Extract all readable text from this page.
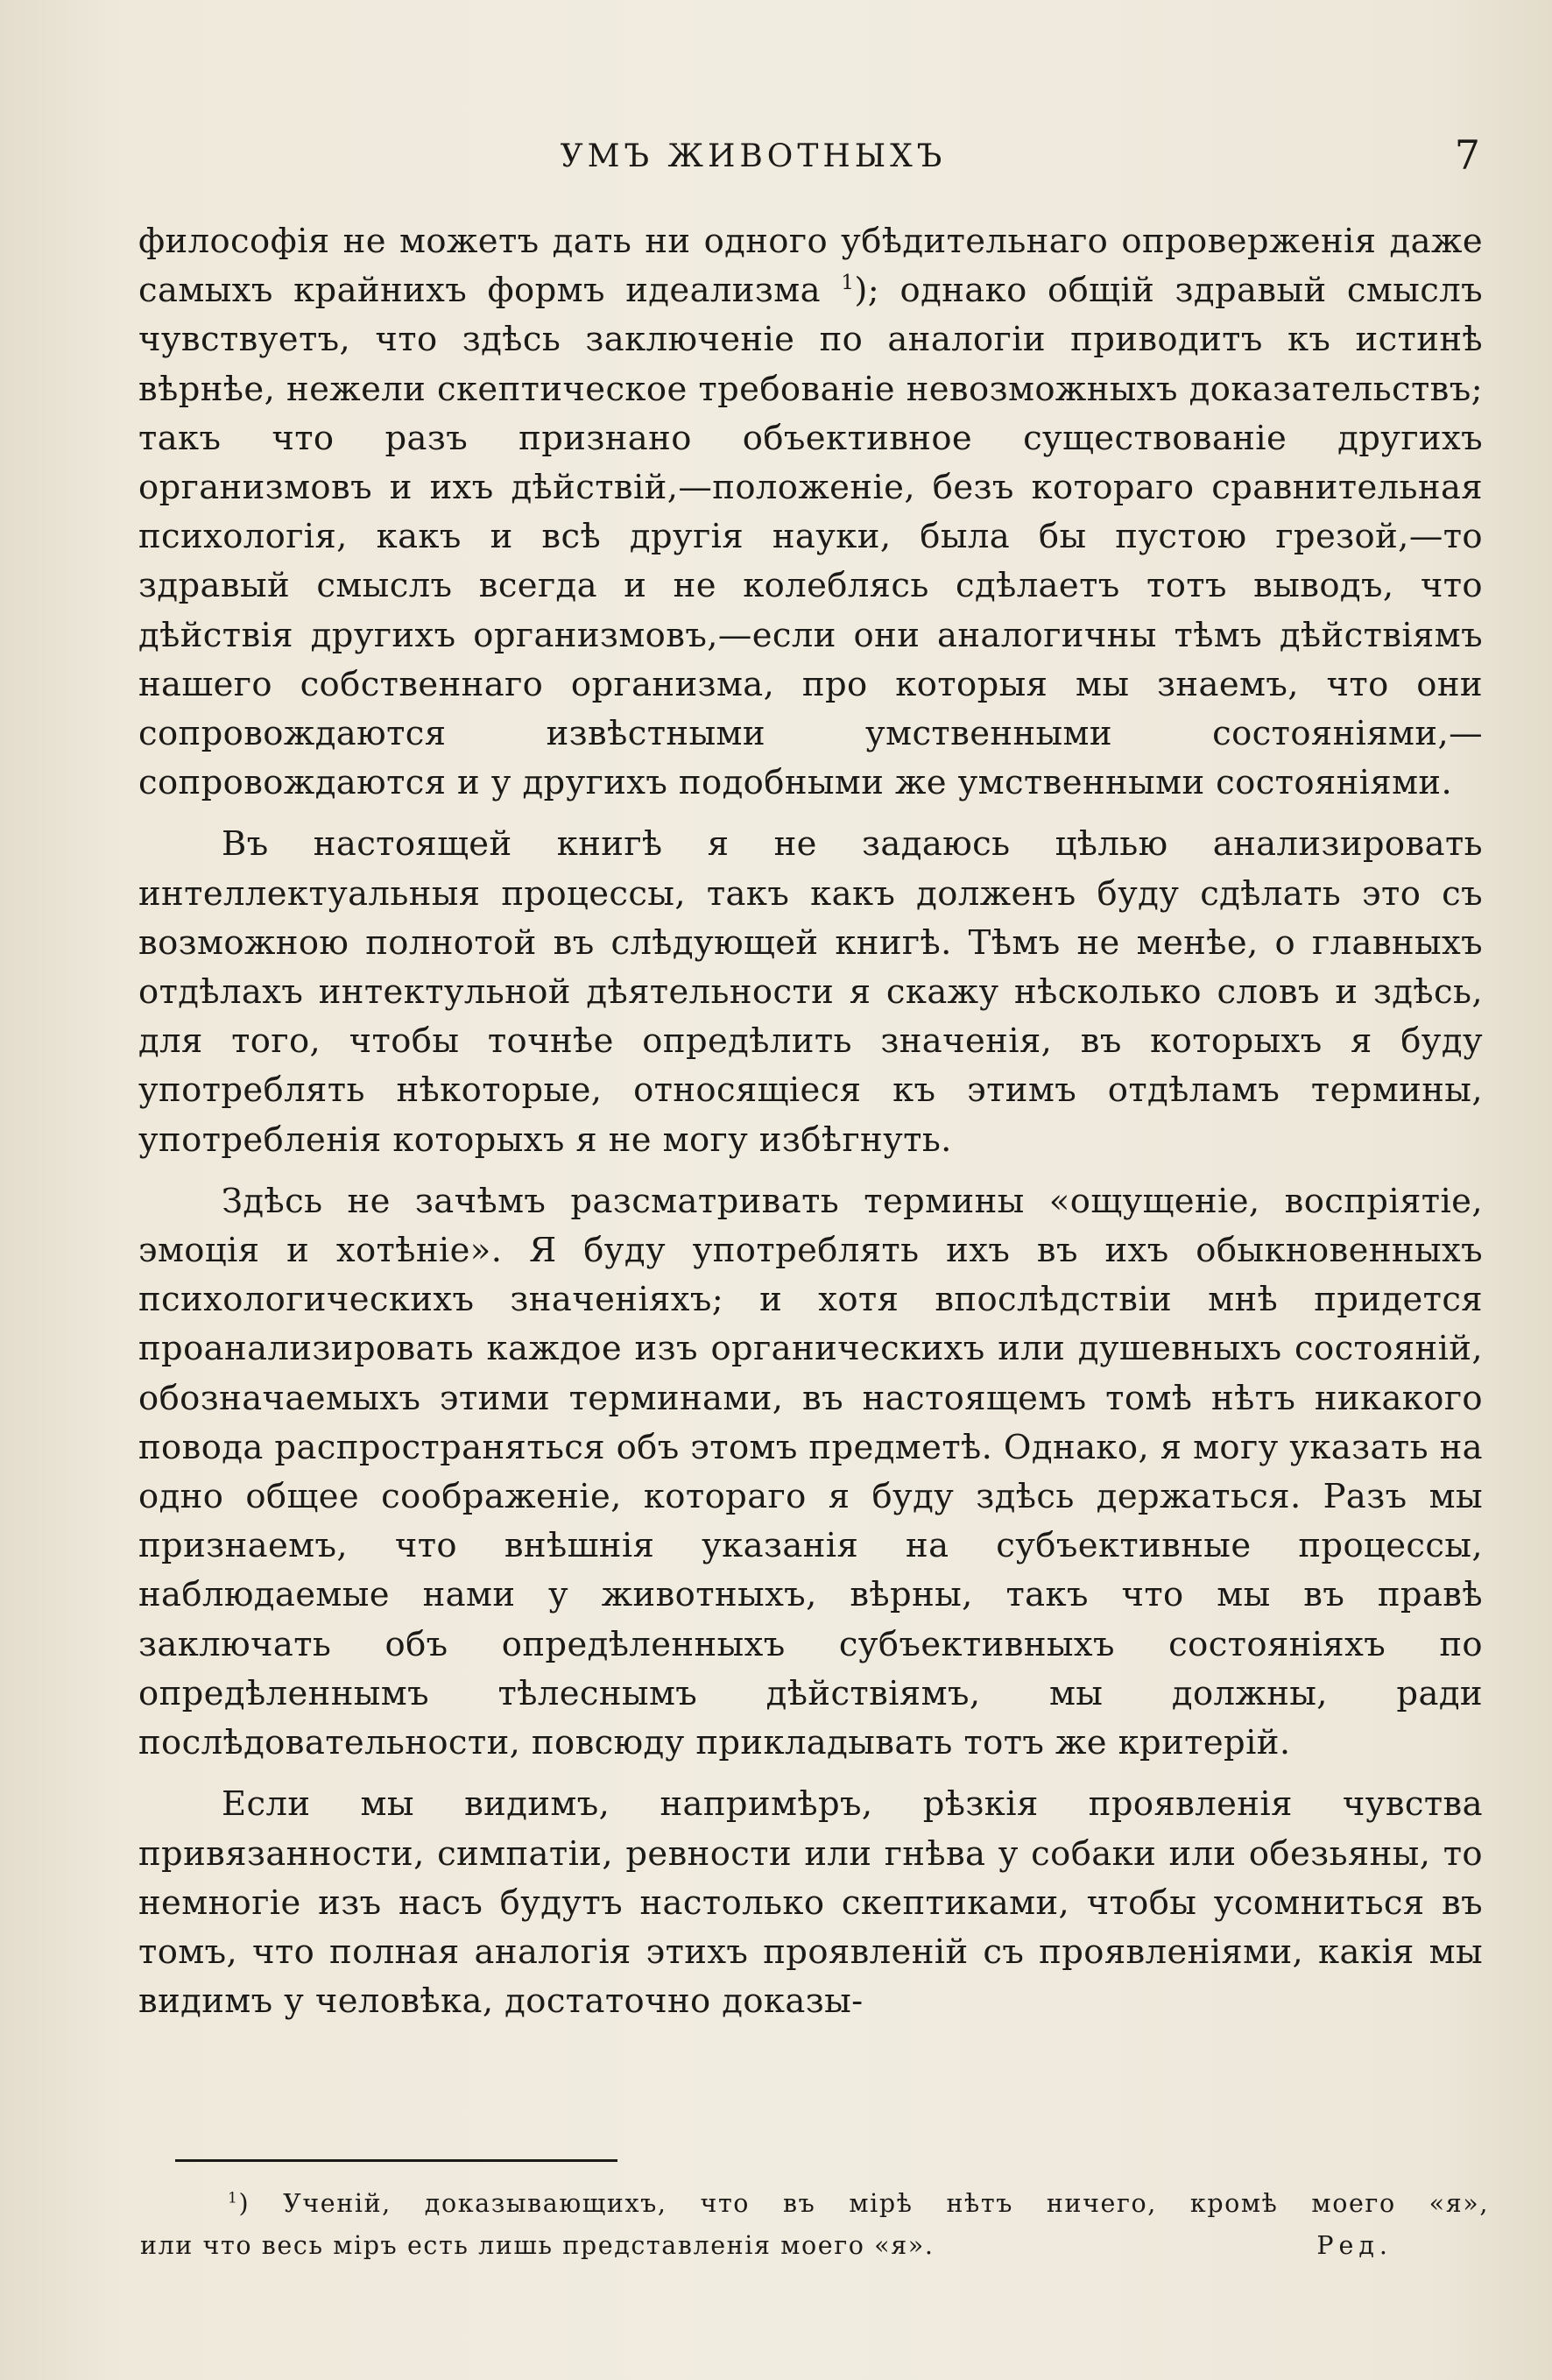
УМЪ ЖИВОТНЫХЪ	7

философія не можетъ дать ни одного убѣдительнаго опроверженія даже самыхъ крайнихъ формъ идеализма $^1$); однако общій здравый смыслъ чувствуетъ, что здѣсь заключеніе по аналогіи приводитъ къ истинѣ вѣрнѣе, нежели скептическое требованіе невозможныхъ доказательствъ; такъ что разъ признано объективное существованіе другихъ организмовъ и ихъ дѣйствій,—положеніе, безъ котораго сравнительная психологія, какъ и всѣ другія науки, была бы пустою грезой,—то здравый смыслъ всегда и не колеблясь сдѣлаетъ тотъ выводъ, что дѣйствія другихъ организмовъ,—если они аналогичны тѣмъ дѣйствіямъ нашего собственнаго организма, про которыя мы знаемъ, что они сопровождаются извѣстными умственными состояніями,—сопровождаются и у другихъ подобными же умственными состояніями.

Въ настоящей книгѣ я не задаюсь цѣлью анализировать интеллектуальныя процессы, такъ какъ долженъ буду сдѣлать это съ возможною полнотой въ слѣдующей книгѣ. Тѣмъ не менѣе, о главныхъ отдѣлахъ интектульной дѣятельности я скажу нѣсколько словъ и здѣсь, для того, чтобы точнѣе опредѣлить значенія, въ которыхъ я буду употреблять нѣкоторые, относящіеся къ этимъ отдѣламъ термины, употребленія которыхъ я не могу избѣгнуть.

Здѣсь не зачѣмъ разсматривать термины «ощущеніе, воспріятіе, эмоція и хотѣніе». Я буду употреблять ихъ въ ихъ обыкновенныхъ психологическихъ значеніяхъ; и хотя впослѣдствіи мнѣ придется проанализировать каждое изъ органическихъ или душевныхъ состояній, обозначаемыхъ этими терминами, въ настоящемъ томѣ нѣтъ никакого повода распространяться объ этомъ предметѣ. Однако, я могу указать на одно общее соображеніе, котораго я буду здѣсь держаться. Разъ мы признаемъ, что внѣшнія указанія на субъективные процессы, наблюдаемые нами у животныхъ, вѣрны, такъ что мы въ правѣ заключать объ опредѣленныхъ субъективныхъ состояніяхъ по опредѣленнымъ тѣлеснымъ дѣйствіямъ, мы должны, ради послѣдовательности, повсюду прикладывать тотъ же критерій.

Если мы видимъ, напримѣръ, рѣзкія проявленія чувства привязанности, симпатіи, ревности или гнѣва у собаки или обезьяны, то немногіе изъ насъ будутъ настолько скептиками, чтобы усомниться въ томъ, что полная аналогія этихъ проявленій съ проявленіями, какія мы видимъ у человѣка, достаточно доказы-

$^1$) Ученій, доказывающихъ, что въ мірѣ нѣтъ ничего, кромѣ моего «я»,
или что весь міръ есть лишь представленія моего «я».	Ред.
